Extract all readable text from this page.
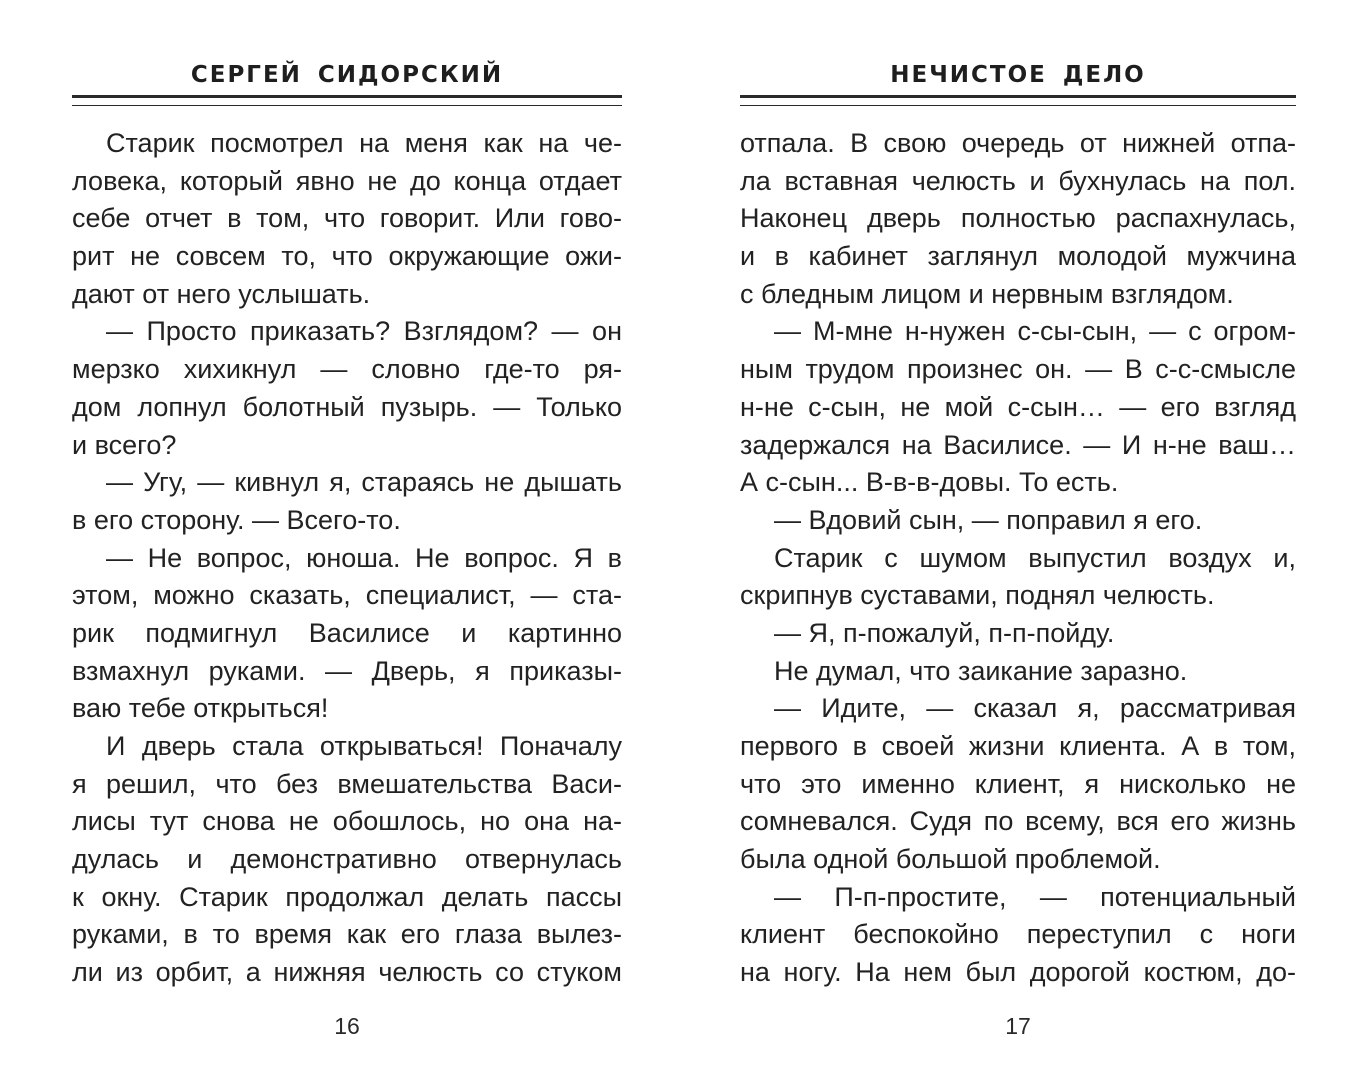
СЕРГЕЙ СИДОРСКИЙ
Старик посмотрел на меня как на че-
ловека, который явно не до конца отдает
себе отчет в том, что говорит. Или гово-
рит не совсем то, что окружающие ожи-
дают от него услышать.
— Просто приказать? Взглядом? — он
мерзко хихикнул — словно где-то ря-
дом лопнул болотный пузырь. — Только
и всего?
— Угу, — кивнул я, стараясь не дышать
в его сторону. — Всего-то.
— Не вопрос, юноша. Не вопрос. Я в
этом, можно сказать, специалист, — ста-
рик подмигнул Василисе и картинно
взмахнул руками. — Дверь, я приказы-
ваю тебе открыться!
И дверь стала открываться! Поначалу
я решил, что без вмешательства Васи-
лисы тут снова не обошлось, но она на-
дулась и демонстративно отвернулась
к окну. Старик продолжал делать пассы
руками, в то время как его глаза вылез-
ли из орбит, а нижняя челюсть со стуком
16
НЕЧИСТОЕ ДЕЛО
отпала. В свою очередь от нижней отпа-
ла вставная челюсть и бухнулась на пол.
Наконец дверь полностью распахнулась,
и в кабинет заглянул молодой мужчина
с бледным лицом и нервным взглядом.
— М-мне н-нужен с-сы-сын, — с огром-
ным трудом произнес он. — В с-с-смысле
н-не с-сын, не мой с-сын… — его взгляд
задержался на Василисе. — И н-не ваш…
А с-сын... В-в-в-довы. То есть.
— Вдовий сын, — поправил я его.
Старик с шумом выпустил воздух и,
скрипнув суставами, поднял челюсть.
— Я, п-пожалуй, п-п-пойду.
Не думал, что заикание заразно.
— Идите, — сказал я, рассматривая
первого в своей жизни клиента. А в том,
что это именно клиент, я нисколько не
сомневался. Судя по всему, вся его жизнь
была одной большой проблемой.
— П-п-простите, — потенциальный
клиент беспокойно переступил с ноги
на ногу. На нем был дорогой костюм, до-
17
